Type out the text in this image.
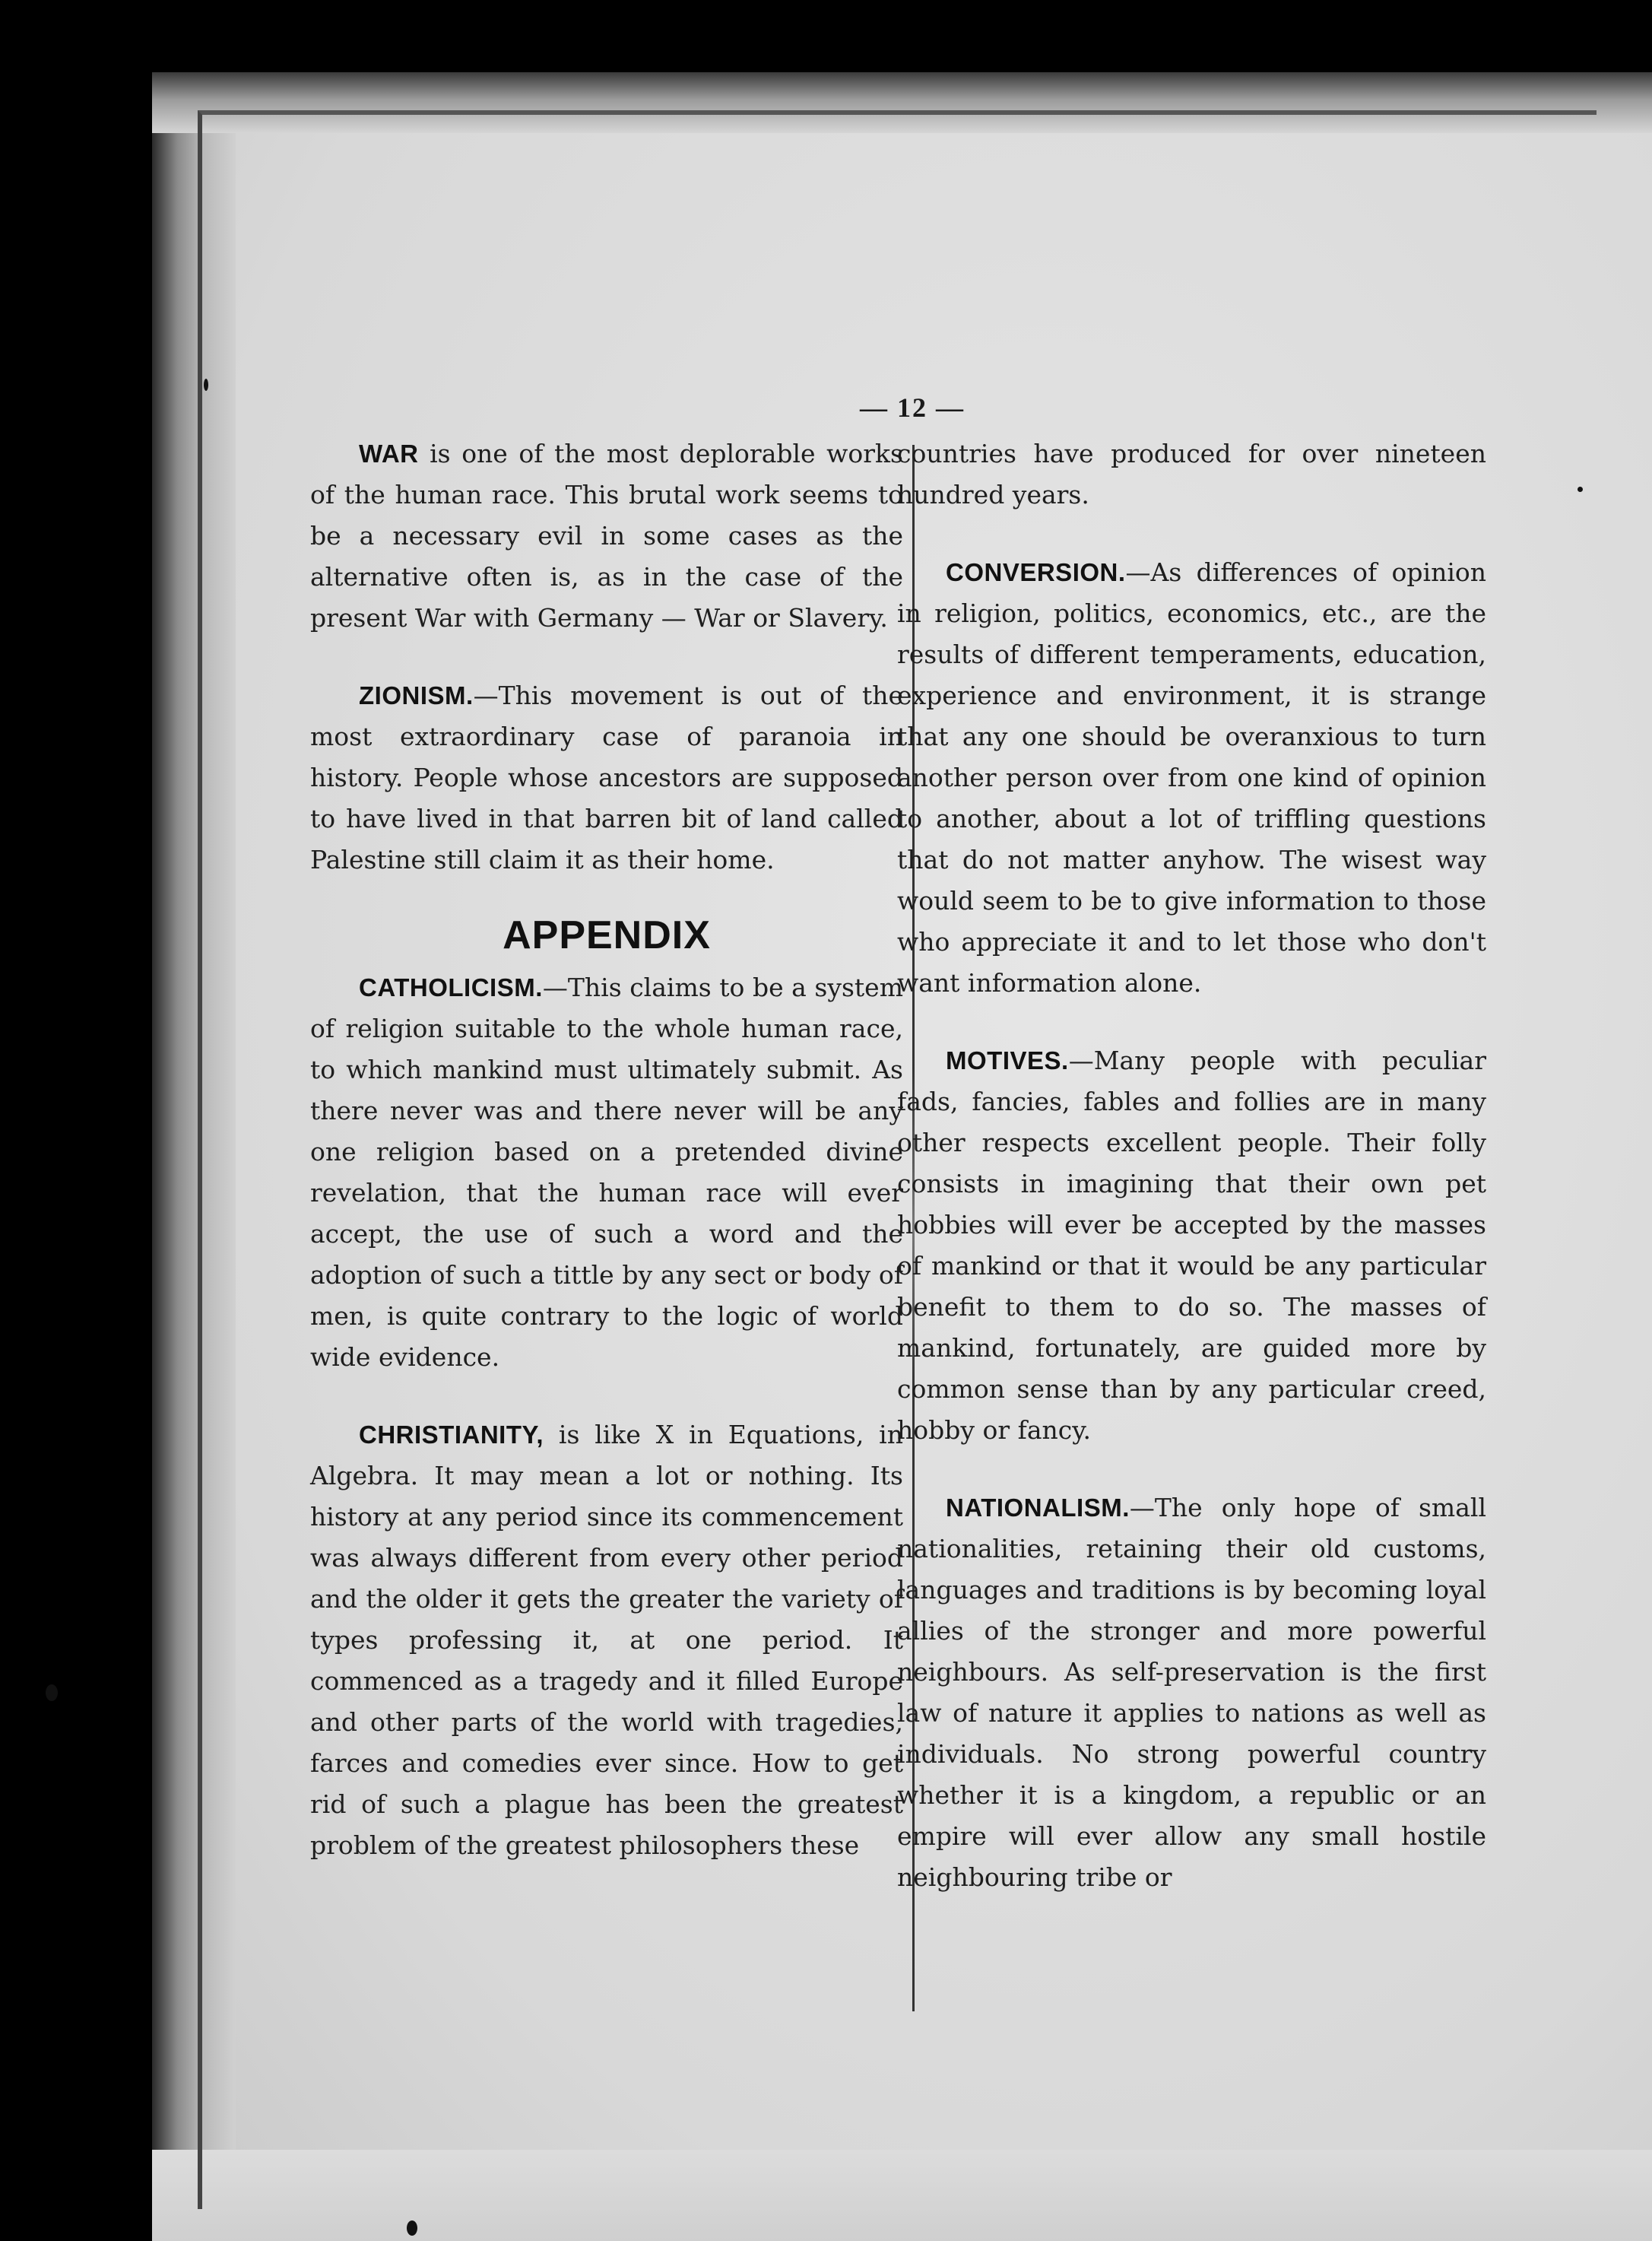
— 12 —

WAR is one of the most deplorable works of the human race. This brutal work seems to be a necessary evil in some cases as the alternative often is, as in the case of the present War with Germany — War or Slavery.

ZIONISM.—This movement is out of the most extraordinary case of paranoia in history. People whose ancestors are supposed to have lived in that barren bit of land called Palestine still claim it as their home.

APPENDIX

CATHOLICISM.—This claims to be a system of religion suitable to the whole human race, to which mankind must ultimately submit. As there never was and there never will be any one religion based on a pretended divine revelation, that the human race will ever accept, the use of such a word and the adoption of such a tittle by any sect or body of men, is quite contrary to the logic of world wide evidence.

CHRISTIANITY, is like X in Equations, in Algebra. It may mean a lot or nothing. Its history at any period since its commencement was always different from every other period and the older it gets the greater the variety of types professing it, at one period. It commenced as a tragedy and it filled Europe and other parts of the world with tragedies, farces and comedies ever since. How to get rid of such a plague has been the greatest problem of the greatest philosophers these

countries have produced for over nineteen hundred years.

CONVERSION.—As differences of opinion in religion, politics, economics, etc., are the results of different temperaments, education, experience and environment, it is strange that any one should be overanxious to turn another person over from one kind of opinion to another, about a lot of triffling questions that do not matter anyhow. The wisest way would seem to be to give information to those who appreciate it and to let those who don't want information alone.

MOTIVES.—Many people with peculiar fads, fancies, fables and follies are in many other respects excellent people. Their folly consists in imagining that their own pet hobbies will ever be accepted by the masses of mankind or that it would be any particular benefit to them to do so. The masses of mankind, fortunately, are guided more by common sense than by any particular creed, hobby or fancy.

NATIONALISM.—The only hope of small nationalities, retaining their old customs, languages and traditions is by becoming loyal allies of the stronger and more powerful neighbours. As self-preservation is the first law of nature it applies to nations as well as individuals. No strong powerful country whether it is a kingdom, a republic or an empire will ever allow any small hostile neighbouring tribe or
